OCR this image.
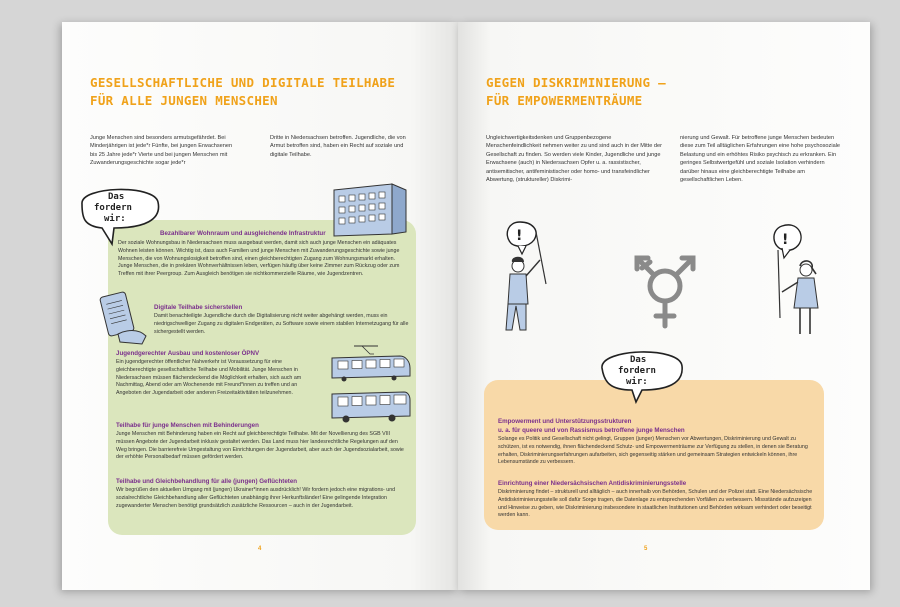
GESELLSCHAFTLICHE UND DIGITALE TEILHABE
FÜR ALLE JUNGEN MENSCHEN

Junge Menschen sind besonders armutsgefährdet. Bei Minderjährigen ist jede*r Fünfte, bei jungen Erwachsenen bis 25 Jahre jede*r Vierte und bei jungen Menschen mit Zuwanderungsgeschichte sogar jede*r

Dritte in Niedersachsen betroffen. Jugendliche, die von Armut betroffen sind, haben ein Recht auf soziale und digitale Teilhabe.

Das
fordern
wir:
Bezahlbarer Wohnraum und ausgleichende Infrastruktur

Der soziale Wohnungsbau in Niedersachsen muss ausgebaut werden, damit sich auch junge Menschen ein adäquates Wohnen leisten können. Wichtig ist, dass auch Familien und junge Menschen mit Zuwanderungsgeschichte sowie junge Menschen, die von Wohnungslosigkeit betroffen sind, einen gleichberechtigten Zugang zum Wohnungsmarkt erhalten. Junge Menschen, die in prekären Wohnverhältnissen leben, verfügen häufig über keine Zimmer zum Rückzug oder zum Treffen mit ihrer Peergroup. Zum Ausgleich benötigen sie nichtkommerzielle Räume, wie Jugendzentren.

Digitale Teilhabe sicherstellen

Damit benachteiligte Jugendliche durch die Digitalisierung nicht weiter abgehängt werden, muss ein niedrigschwelliger Zugang zu digitalen Endgeräten, zu Software sowie einem stabilen Internetzugang für alle sichergestellt werden.

Jugendgerechter Ausbau und kostenloser ÖPNV

Ein jugendgerechter öffentlicher Nahverkehr ist Voraussetzung für eine gleichberechtigte gesellschaftliche Teilhabe und Mobilität. Junge Menschen in Niedersachsen müssen flächendeckend die Möglichkeit erhalten, sich auch am Nachmittag, Abend oder am Wochenende mit Freund*innen zu treffen und an Angeboten der Jugendarbeit oder anderen Freizeitaktivitäten teilzunehmen.

Teilhabe für junge Menschen mit Behinderungen

Junge Menschen mit Behinderung haben ein Recht auf gleichberechtigte Teilhabe. Mit der Novellierung des SGB VIII müssen Angebote der Jugendarbeit inklusiv gestaltet werden. Das Land muss hier landesrechtliche Regelungen auf den Weg bringen. Die barrierefreie Umgestaltung von Einrichtungen der Jugendarbeit, aber auch der Jugendsozialarbeit, sowie der erhöhte Personalbedarf müssen gefördert werden.

Teilhabe und Gleichbehandlung für alle (jungen) Geflüchteten

Wir begrüßen den aktuellen Umgang mit (jungen) Ukrainer*innen ausdrücklich! Wir fordern jedoch eine migrations- und sozialrechtliche Gleichbehandlung aller Geflüchteten unabhängig ihrer Herkunftsländer! Eine gelingende Integration zugewanderter Menschen benötigt grundsätzlich zusätzliche Ressourcen – auch in der Jugendarbeit.

4
GEGEN DISKRIMINIERUNG –
FÜR EMPOWERMENTRÄUME

Ungleichwertigkeitsdenken und Gruppenbezogene Menschenfeindlichkeit nehmen weiter zu und sind auch in der Mitte der Gesellschaft zu finden. So werden viele Kinder, Jugendliche und junge Erwachsene (auch) in Niedersachsen Opfer u. a. rassistischer, antisemitischer, antifeministischer oder homo- und transfeindlicher Abwertung, (struktureller) Diskrimi-

nierung und Gewalt. Für betroffene junge Menschen bedeuten diese zum Teil alltäglichen Erfahrungen eine hohe psychosoziale Belastung und ein erhöhtes Risiko psychisch zu erkranken. Ein geringes Selbstwertgefühl und soziale Isolation verhindern darüber hinaus eine gleichberechtigte Teilhabe am gesellschaftlichen Leben.

!	!
Das
fordern
wir:
Empowerment und Unterstützungsstrukturen
u. a. für queere und von Rassismus betroffene junge Menschen

Solange es Politik und Gesellschaft nicht gelingt, Gruppen (junger) Menschen vor Abwertungen, Diskriminierung und Gewalt zu schützen, ist es notwendig, ihnen flächendeckend Schutz- und Empowermenträume zur Verfügung zu stellen, in denen sie Beratung erhalten, Diskriminierungserfahrungen aufarbeiten, sich gegenseitig stärken und gemeinsam Strategien entwickeln können, ihre Lebensumstände zu verbessern.

Einrichtung einer Niedersächsischen Antidiskriminierungsstelle

Diskriminierung findet – strukturell und alltäglich – auch innerhalb von Behörden, Schulen und der Polizei statt. Eine Niedersächsische Antidiskriminierungsstelle soll dafür Sorge tragen, die Datenlage zu entsprechenden Vorfällen zu verbessern. Missstände aufzuzeigen und Hinweise zu geben, wie Diskriminierung insbesondere in staatlichen Institutionen und Behörden wirksam verhindert oder beseitigt werden kann.

5
